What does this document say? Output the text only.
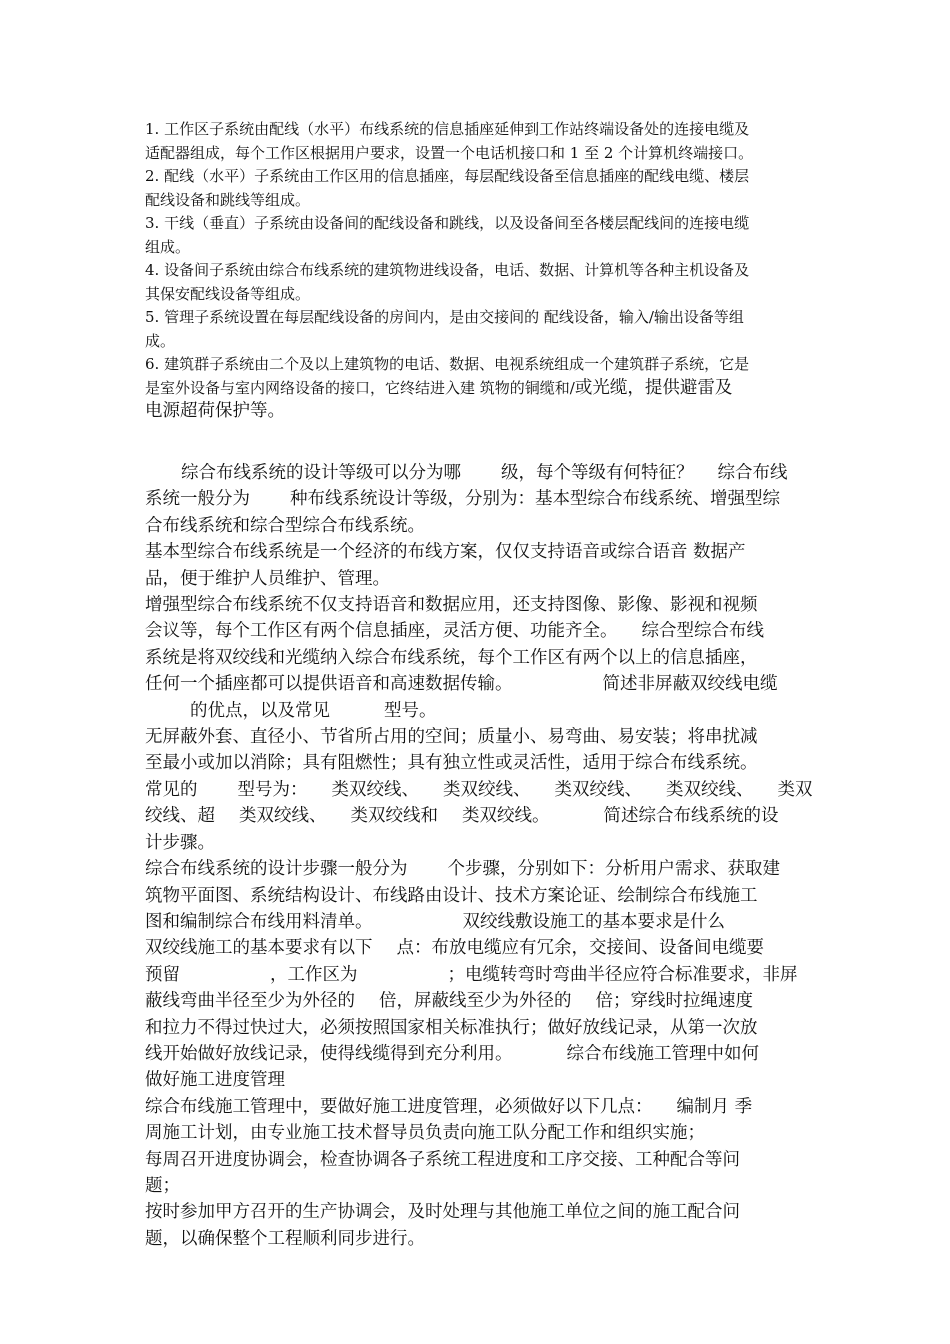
1. 工作区子系统由配线（水平）布线系统的信息插座延伸到工作站终端设备处的连接电缆及
适配器组成，每个工作区根据用户要求，设置一个电话机接口和 1 至 2 个计算机终端接口。
2. 配线（水平）子系统由工作区用的信息插座，每层配线设备至信息插座的配线电缆、楼层
配线设备和跳线等组成。
3. 干线（垂直）子系统由设备间的配线设备和跳线，以及设备间至各楼层配线间的连接电缆
组成。
4. 设备间子系统由综合布线系统的建筑物进线设备，电话、数据、计算机等各种主机设备及
其保安配线设备等组成。
5. 管理子系统设置在每层配线设备的房间内，是由交接间的 配线设备，输入/输出设备等组
成。
6. 建筑群子系统由二个及以上建筑物的电话、数据、电视系统组成一个建筑群子系统，它是
是室外设备与室内网络设备的接口，它终结进入建 筑物的铜缆和/或光缆，提供避雷及
电源超荷保护等。
综合布线系统的设计等级可以分为哪 级，每个等级有何特征？ 综合布线
系统一般分为 种布线系统设计等级，分别为：基本型综合布线系统、增强型综
合布线系统和综合型综合布线系统。
基本型综合布线系统是一个经济的布线方案，仅仅支持语音或综合语音 数据产
品，便于维护人员维护、管理。
增强型综合布线系统不仅支持语音和数据应用，还支持图像、影像、影视和视频
会议等，每个工作区有两个信息插座，灵活方便、功能齐全。 综合型综合布线
系统是将双绞线和光缆纳入综合布线系统，每个工作区有两个以上的信息插座，
任何一个插座都可以提供语音和高速数据传输。	简述非屏蔽双绞线电缆
的优点，以及常见	型号。
无屏蔽外套、直径小、节省所占用的空间；质量小、易弯曲、易安装；将串扰减
至最小或加以消除；具有阻燃性；具有独立性或灵活性，适用于综合布线系统。
常见的 型号为： 类双绞线、 类双绞线、 类双绞线、 类双绞线、 类双
绞线、超 类双绞线、 类双绞线和 类双绞线。	简述综合布线系统的设
计步骤。
综合布线系统的设计步骤一般分为 个步骤，分别如下：分析用户需求、获取建
筑物平面图、系统结构设计、布线路由设计、技术方案论证、绘制综合布线施工
图和编制综合布线用料清单。	双绞线敷设施工的基本要求是什么
双绞线施工的基本要求有以下 点：布放电缆应有冗余，交接间、设备间电缆要
预留	，工作区为	；电缆转弯时弯曲半径应符合标准要求，非屏
蔽线弯曲半径至少为外径的 倍，屏蔽线至少为外径的 倍；穿线时拉绳速度
和拉力不得过快过大，必须按照国家相关标准执行；做好放线记录，从第一次放
线开始做好放线记录，使得线缆得到充分利用。	综合布线施工管理中如何
做好施工进度管理
综合布线施工管理中，要做好施工进度管理，必须做好以下几点： 编制月 季
周施工计划，由专业施工技术督导员负责向施工队分配工作和组织实施；
每周召开进度协调会，检查协调各子系统工程进度和工序交接、工种配合等问
题；
按时参加甲方召开的生产协调会，及时处理与其他施工单位之间的施工配合问
题，以确保整个工程顺利同步进行。
